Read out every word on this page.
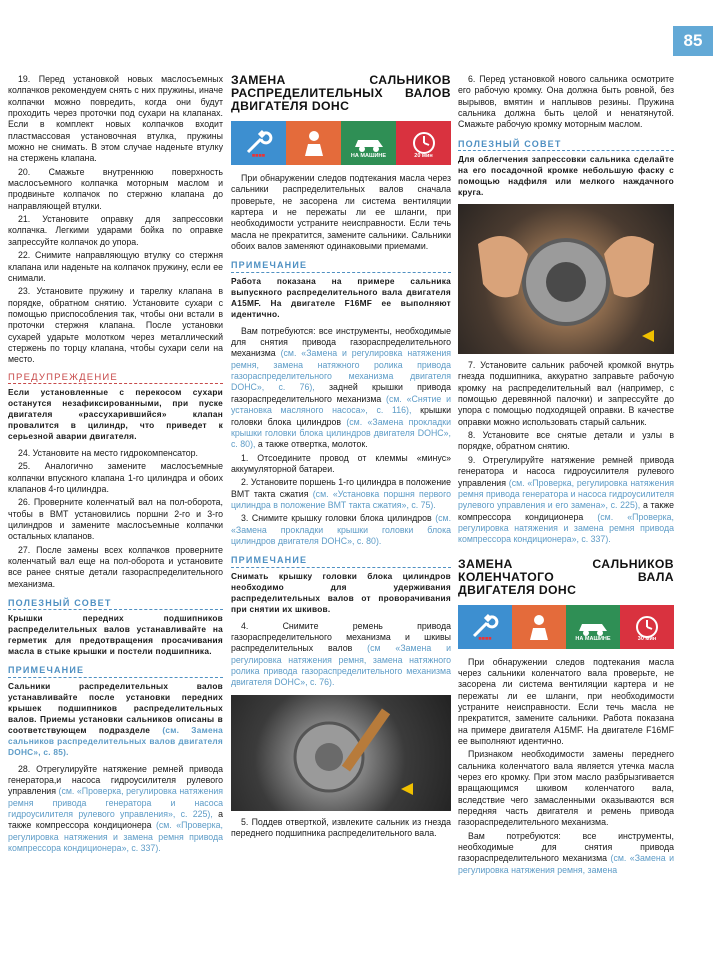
85

19. Перед установкой новых маслосъемных колпачков рекомендуем снять с них пружины, иначе колпачки можно повредить, когда они будут проходить через проточки под сухари на клапанах. Если в комплект новых колпачков входит пластмассовая установочная втулка, пружины можно не снимать. В этом случае наденьте втулку на стержень клапана.

20. Смажьте внутреннюю поверхность маслосъемного колпачка моторным маслом и продвиньте колпачок по стержню клапана до направляющей втулки.

21. Установите оправку для запрессовки колпачка. Легкими ударами бойка по оправке запрессуйте колпачок до упора.

22. Снимите направляющую втулку со стержня клапана или наденьте на колпачок пружину, если ее снимали.

23. Установите пружину и тарелку клапана в порядке, обратном снятию. Установите сухари с помощью приспособления так, чтобы они встали в проточки стержня клапана. После установки сухарей ударьте молотком через металлический стержень по торцу клапана, чтобы сухари сели на место.

ПРЕДУПРЕЖДЕНИЕ
Если установленные с перекосом сухари останутся незафиксированными, при пуске двигателя «рассухарившийся» клапан провалится в цилиндр, что приведет к серьезной аварии двигателя.

24. Установите на место гидрокомпенсатор.

25. Аналогично замените маслосъемные колпачки впускного клапана 1-го цилиндра и обоих клапанов 4-го цилиндра.

26. Проверните коленчатый вал на пол-оборота, чтобы в ВМТ установились поршни 2-го и 3-го цилиндров и замените маслосъемные колпачки остальных клапанов.

27. После замены всех колпачков проверните коленчатый вал еще на пол-оборота и установите все ранее снятые детали газораспределительного механизма.

ПОЛЕЗНЫЙ СОВЕТ
Крышки передних подшипников распределительных валов устанавливайте на герметик для предотвращения просачивания масла в стыке крышки и постели подшипника.
ПРИМЕЧАНИЕ
Сальники распределительных валов устанавливайте после установки передних крышек подшипников распределительных валов. Приемы установки сальников описаны в соответствующем подразделе (см. Замена сальников распределительных валов двигателя DOHC», с. 85).

28. Отрегулируйте натяжение ремней привода генератора,и насоса гидроусилителя рулевого управления (см. «Проверка, регулировка натяжения ремня привода генератора и насоса гидроусилителя рулевого управления», с. 225), а также компрессора кондиционера (см. «Проверка, регулировка натяжения и замена ремня привода компрессора кондиционера», с. 337).

ЗАМЕНА САЛЬНИКОВ РАСПРЕДЕЛИТЕЛЬНЫХ ВАЛОВ ДВИГАТЕЛЯ DOHC
■■■■	НА МАШИНЕ	20 мин

При обнаружении следов подтекания масла через сальники распределительных валов сначала проверьте, не засорена ли система вентиляции картера и не пережаты ли ее шланги, при необходимости устраните неисправности. Если течь масла не прекратится, замените сальники. Сальники обоих валов заменяют одинаковыми приемами.

ПРИМЕЧАНИЕ
Работа показана на примере сальника выпускного распределительного вала двигателя A15MF. На двигателе F16MF ее выполняют идентично.

Вам потребуются: все инструменты, необходимые для снятия привода газораспределительного механизма (см. «Замена и регулировка натяжения ремня, замена натяжного ролика привода газораспределительного механизма двигателя DOHC», с. 76), задней крышки привода газораспределительного механизма (см. «Снятие и установка масляного насоса», с. 116), крышки головки блока цилиндров (см. «Замена прокладки крышки головки блока цилиндров двигателя DOHC», с. 80), а также отвертка, молоток.

1. Отсоедините провод от клеммы «минус» аккумуляторной батареи.

2. Установите поршень 1-го цилиндра в положение ВМТ такта сжатия (см. «Установка поршня первого цилиндра в положение ВМТ такта сжатия», с. 75).

3. Снимите крышку головки блока цилиндров (см. «Замена прокладки крышки головки блока цилиндров двигателя DOHC», с. 80).

ПРИМЕЧАНИЕ
Снимать крышку головки блока цилиндров необходимо для удерживания распределительных валов от проворачивания при снятии их шкивов.

4. Снимите ремень привода газораспределительного механизма и шкивы распределительных валов (см «Замена и регулировка натяжения ремня, замена натяжного ролика привода газораспределительного механизма двигателя DOHC», с. 76).

5. Поддев отверткой, извлеките сальник из гнезда переднего подшипника распределительного вала.

6. Перед установкой нового сальника осмотрите его рабочую кромку. Она должна быть ровной, без вырывов, вмятин и наплывов резины. Пружина сальника должна быть целой и ненатянутой. Смажьте рабочую кромку моторным маслом.

ПОЛЕЗНЫЙ СОВЕТ
Для облегчения запрессовки сальника сделайте на его посадочной кромке небольшую фаску с помощью надфиля или мелкого наждачного круга.

7. Установите сальник рабочей кромкой внутрь гнезда подшипника, аккуратно заправьте рабочую кромку на распределительный вал (например, с помощью деревянной палочки) и запрессуйте до упора с помощью подходящей оправки. В качестве оправки можно использовать старый сальник.

8. Установите все снятые детали и узлы в порядке, обратном снятию.

9. Отрегулируйте натяжение ремней привода генератора и насоса гидроусилителя рулевого управления (см. «Проверка, регулировка натяжения ремня привода генератора и насоса гидроусилителя рулевого управления и его замена», с. 225), а также компрессора кондиционера (см. «Проверка, регулировка натяжения и замена ремня привода компрессора кондиционера», с. 337).

ЗАМЕНА САЛЬНИКОВ КОЛЕНЧАТОГО ВАЛА ДВИГАТЕЛЯ DOHC
■■■■	НА МАШИНЕ	30 мин

При обнаружении следов подтекания масла через сальники коленчатого вала проверьте, не засорена ли система вентиляции картера и не пережаты ли ее шланги, при необходимости устраните неисправности. Если течь масла не прекратится, замените сальники. Работа показана на примере двигателя A15MF. На двигателе F16MF ее выполняют идентично.

Признаком необходимости замены переднего сальника коленчатого вала является утечка масла через его кромку. При этом масло разбрызгивается вращающимся шкивом коленчатого вала, вследствие чего замасленными оказываются вся передняя часть двигателя и ремень привода газораспределительного механизма.

Вам потребуются: все инструменты, необходимые для снятия привода газораспределительного механизма (см. «Замена и регулировка натяжения ремня, замена
